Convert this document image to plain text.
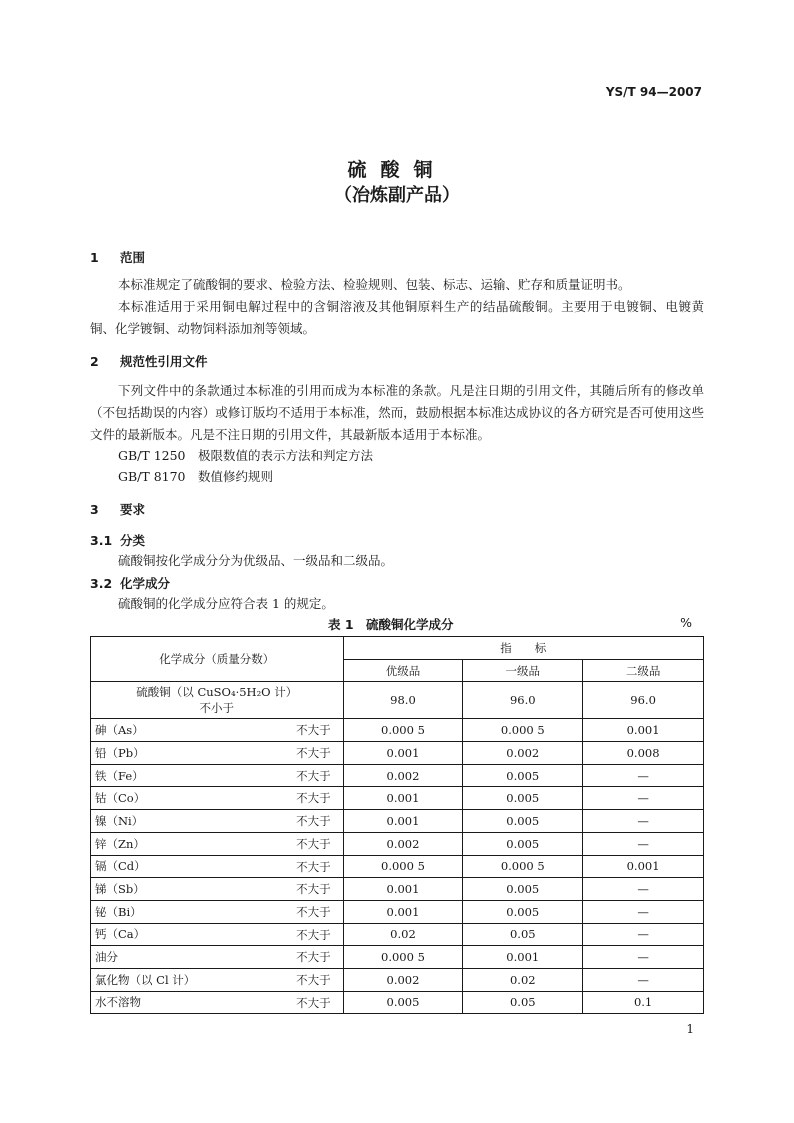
YS/T 94—2007
硫酸铜
（冶炼副产品）
1 范围
本标准规定了硫酸铜的要求、检验方法、检验规则、包装、标志、运输、贮存和质量证明书。
本标准适用于采用铜电解过程中的含铜溶液及其他铜原料生产的结晶硫酸铜。主要用于电镀铜、电镀黄铜、化学镀铜、动物饲料添加剂等领域。
2 规范性引用文件
下列文件中的条款通过本标准的引用而成为本标准的条款。凡是注日期的引用文件，其随后所有的修改单（不包括勘误的内容）或修订版均不适用于本标准，然而，鼓励根据本标准达成协议的各方研究是否可使用这些文件的最新版本。凡是不注日期的引用文件，其最新版本适用于本标准。
GB/T 1250　极限数值的表示方法和判定方法
GB/T 8170　数值修约规则
3 要求
3.1 分类
硫酸铜按化学成分分为优级品、一级品和二级品。
3.2 化学成分
硫酸铜的化学成分应符合表 1 的规定。
表 1　硫酸铜化学成分	%
化学成分（质量分数）	指　　标		
	优级品	一级品	二级品

硫酸铜（以 CuSO₄·5H₂O 计）
不小于	98.0	96.0	96.0
砷（As） 不大于	0.000 5	0.000 5	0.001
铅（Pb） 不大于	0.001	0.002	0.008
铁（Fe） 不大于	0.002	0.005	—
钴（Co） 不大于	0.001	0.005	—
镍（Ni） 不大于	0.001	0.005	—
锌（Zn） 不大于	0.002	0.005	—
镉（Cd） 不大于	0.000 5	0.000 5	0.001
锑（Sb） 不大于	0.001	0.005	—
铋（Bi） 不大于	0.001	0.005	—
钙（Ca） 不大于	0.02	0.05	—
油分 不大于	0.000 5	0.001	—
氯化物（以 Cl 计） 不大于	0.002	0.02	—
水不溶物 不大于	0.005	0.05	0.1
1
